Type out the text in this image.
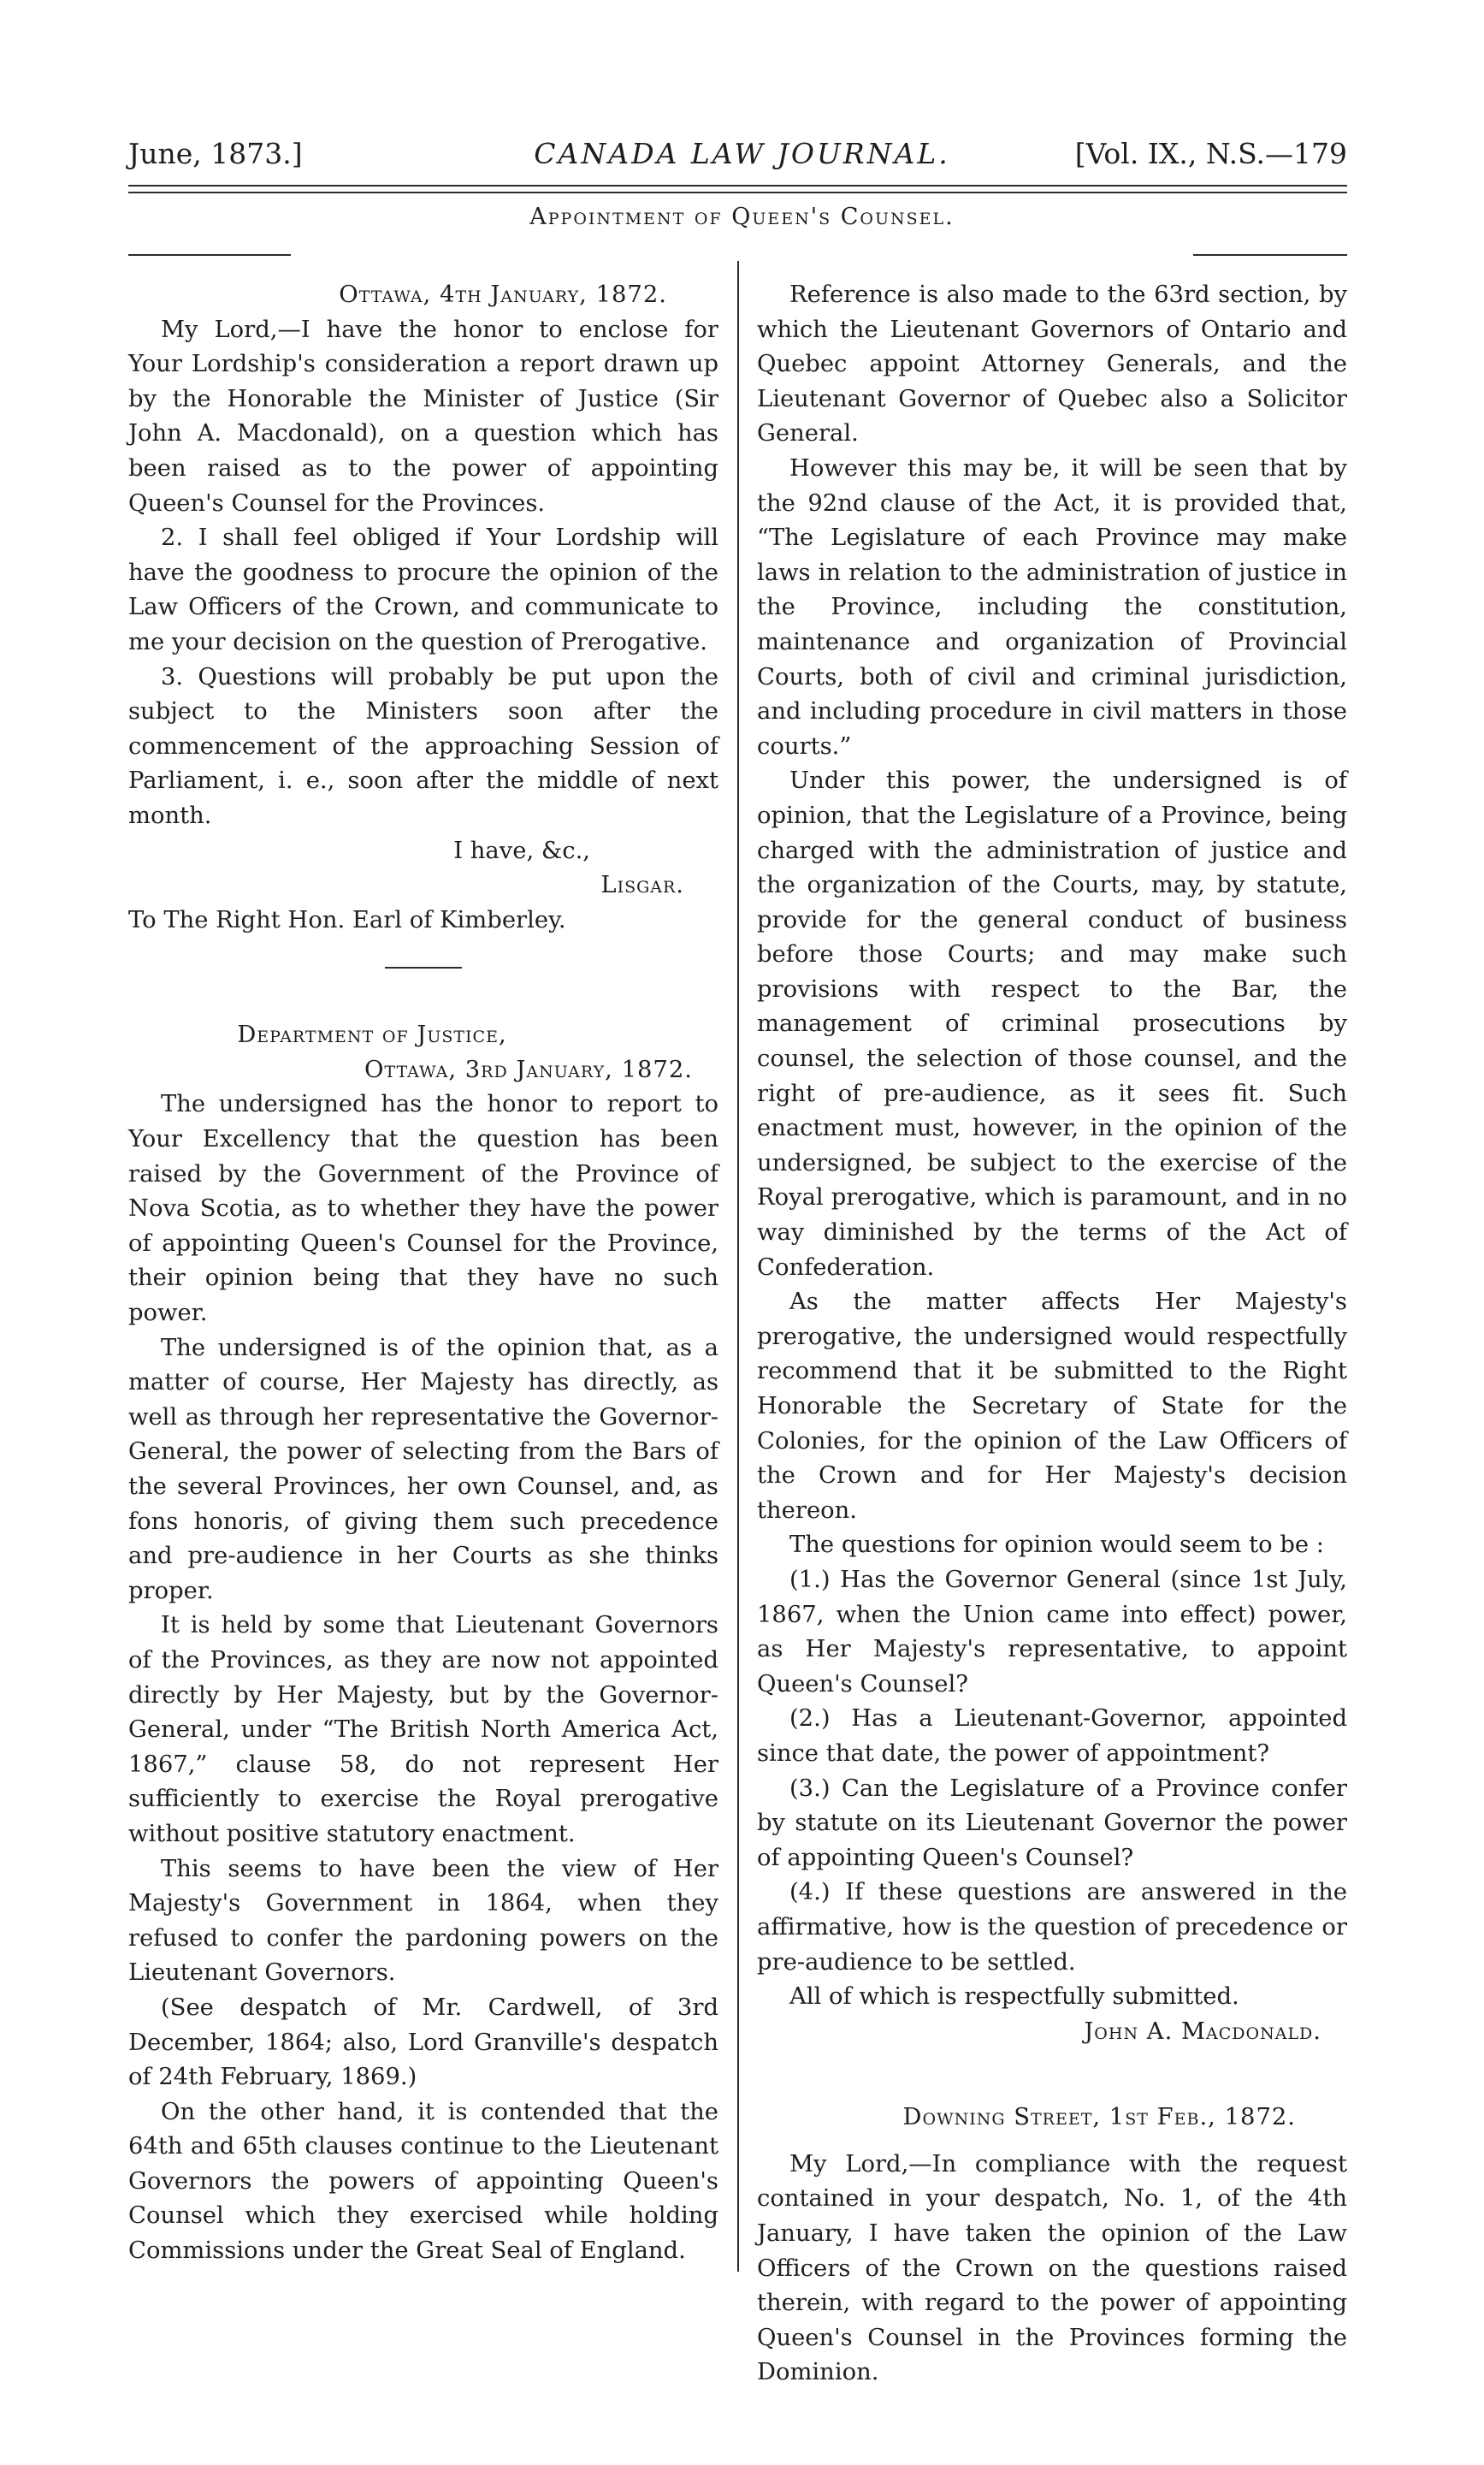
June, 1873.]	CANADA LAW JOURNAL.	[Vol. IX., N.S.—179
Appointment of Queen's Counsel.

Ottawa, 4th January, 1872.

My Lord,—I have the honor to enclose for Your Lordship's consideration a report drawn up by the Honorable the Minister of Justice (Sir John A. Macdonald), on a question which has been raised as to the power of appointing Queen's Counsel for the Provinces.

2. I shall feel obliged if Your Lordship will have the goodness to procure the opinion of the Law Officers of the Crown, and communicate to me your decision on the question of Prerogative.

3. Questions will probably be put upon the subject to the Ministers soon after the commencement of the approaching Session of Parliament, i. e., soon after the middle of next month.

I have, &c.,

Lisgar.

To The Right Hon. Earl of Kimberley.

Department of Justice,

Ottawa, 3rd January, 1872.

The undersigned has the honor to report to Your Excellency that the question has been raised by the Government of the Province of Nova Scotia, as to whether they have the power of appointing Queen's Counsel for the Province, their opinion being that they have no such power.

The undersigned is of the opinion that, as a matter of course, Her Majesty has directly, as well as through her representative the Governor-General, the power of selecting from the Bars of the several Provinces, her own Counsel, and, as fons honoris, of giving them such precedence and pre-audience in her Courts as she thinks proper.

It is held by some that Lieutenant Governors of the Provinces, as they are now not appointed directly by Her Majesty, but by the Governor-General, under “The British North America Act, 1867,” clause 58, do not represent Her sufficiently to exercise the Royal prerogative without positive statutory enactment.

This seems to have been the view of Her Majesty's Government in 1864, when they refused to confer the pardoning powers on the Lieutenant Governors.

(See despatch of Mr. Cardwell, of 3rd December, 1864; also, Lord Granville's despatch of 24th February, 1869.)

On the other hand, it is contended that the 64th and 65th clauses continue to the Lieutenant Governors the powers of appointing Queen's Counsel which they exercised while holding Commissions under the Great Seal of England.

Reference is also made to the 63rd section, by which the Lieutenant Governors of Ontario and Quebec appoint Attorney Generals, and the Lieutenant Governor of Quebec also a Solicitor General.

However this may be, it will be seen that by the 92nd clause of the Act, it is provided that, “The Legislature of each Province may make laws in relation to the administration of justice in the Province, including the constitution, maintenance and organization of Provincial Courts, both of civil and criminal jurisdiction, and including procedure in civil matters in those courts.”

Under this power, the undersigned is of opinion, that the Legislature of a Province, being charged with the administration of justice and the organization of the Courts, may, by statute, provide for the general conduct of business before those Courts; and may make such provisions with respect to the Bar, the management of criminal prosecutions by counsel, the selection of those counsel, and the right of pre-audience, as it sees fit. Such enactment must, however, in the opinion of the undersigned, be subject to the exercise of the Royal prerogative, which is paramount, and in no way diminished by the terms of the Act of Confederation.

As the matter affects Her Majesty's prerogative, the undersigned would respectfully recommend that it be submitted to the Right Honorable the Secretary of State for the Colonies, for the opinion of the Law Officers of the Crown and for Her Majesty's decision thereon.

The questions for opinion would seem to be :

(1.) Has the Governor General (since 1st July, 1867, when the Union came into effect) power, as Her Majesty's representative, to appoint Queen's Counsel?

(2.) Has a Lieutenant-Governor, appointed since that date, the power of appointment?

(3.) Can the Legislature of a Province confer by statute on its Lieutenant Governor the power of appointing Queen's Counsel?

(4.) If these questions are answered in the affirmative, how is the question of precedence or pre-audience to be settled.

All of which is respectfully submitted.

John A. Macdonald.

Downing Street, 1st Feb., 1872.

My Lord,—In compliance with the request contained in your despatch, No. 1, of the 4th January, I have taken the opinion of the Law Officers of the Crown on the questions raised therein, with regard to the power of appointing Queen's Counsel in the Provinces forming the Dominion.
